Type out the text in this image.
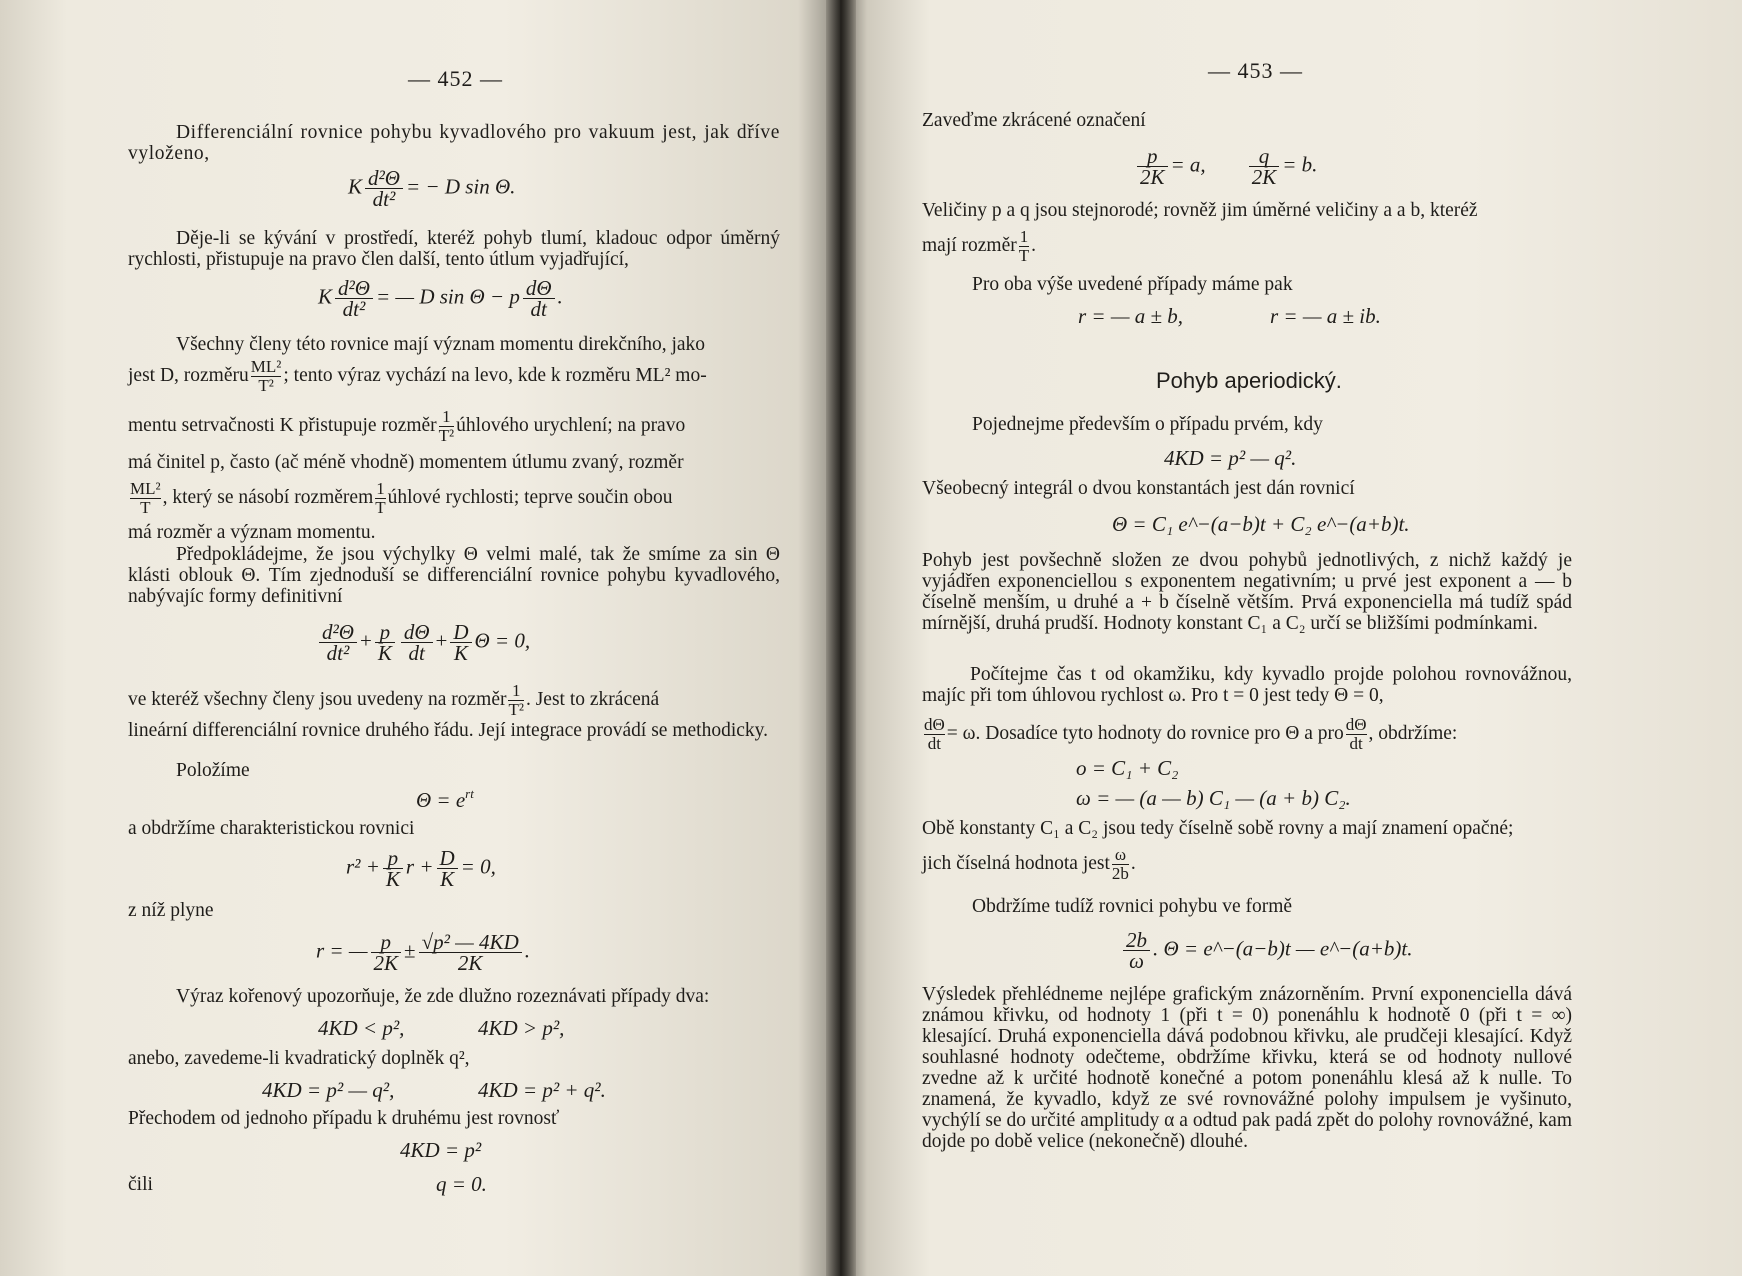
— 452 —
Differenciální rovnice pohybu kyvadlového pro vakuum jest, jak dříve vyloženo,
K $\frac{\text{d²Θ}}{\text{dt²}}$ = − D sin Θ.
Děje-li se kývání v prostředí, kteréž pohyb tlumí, kladouc odpor úměrný rychlosti, přistupuje na pravo člen další, tento útlum vyjadřující,
K $\frac{\text{d²Θ}}{\text{dt²}}$ = — D sin Θ − p $\frac{d\Theta}{dt}$ .
Všechny členy této rovnice mají význam momentu direkčního, jako
jest D, rozměru $\frac{\text{ML²}}{\text{T²}}$ ; tento výraz vychází na levo, kde k rozměru ML² mo-
mentu setrvačnosti K přistupuje rozměr $\frac{1}{\text{T²}}$ úhlového urychlení; na pravo
má činitel p, často (ač méně vhodně) momentem útlumu zvaný, rozměr
$\frac{\text{ML²}}{T}$ , který se násobí rozměrem $\frac{1}{T}$ úhlové rychlosti; teprve součin obou
má rozměr a význam momentu.
Předpokládejme, že jsou výchylky Θ velmi malé, tak že smíme za sin Θ klásti oblouk Θ. Tím zjednoduší se differenciální rovnice pohybu kyvadlového, nabývajíc formy definitivní
$\frac{\text{d²Θ}}{\text{dt²}} + \frac{p}{K} \frac{d\Theta}{dt} + \frac{D}{K}$ Θ = 0,
ve kteréž všechny členy jsou uvedeny na rozměr $\frac{1}{\text{T²}}$ . Jest to zkrácená
lineární differenciální rovnice druhého řádu. Její integrace provádí se methodicky.
Položíme
$\Theta = e^{rt}$
a obdržíme charakteristickou rovnici
$r^2 + \frac{p}{K}$ $r + \frac{D}{K} = 0$,
z níž plyne
r = — $\frac{p}{2K} \pm \frac{\text{√p² — 4KD}}{2K}$ .
Výraz kořenový upozorňuje, že zde dlužno rozeznávati případy dva:
4KD < p²,	4KD > p²,
anebo, zavedeme-li kvadratický doplněk q²,
4KD = p² — q²,	4KD = p² + q².
Přechodem od jednoho případu k druhému jest rovnosť
4KD = p²
čili	q = 0.
— 453 —
Zaveďme zkrácené označení
$\frac{p}{2K} = a$, $\frac{q}{2K} = b$.
Veličiny p a q jsou stejnorodé; rovněž jim úměrné veličiny a a b, kteréž
mají rozměr $\frac{1}{T}$ .
Pro oba výše uvedené případy máme pak
r = — a ± b,	r = — a ± ib.
Pohyb aperiodický.
Pojednejme především o případu prvém, kdy
4KD = p² — q².
Všeobecný integrál o dvou konstantách jest dán rovnicí
Θ = C₁ e^−(a−b)t + C₂ e^−(a+b)t.
Pohyb jest povšechně složen ze dvou pohybů jednotlivých, z nichž každý je vyjádřen exponenciellou s exponentem negativním; u prvé jest exponent a — b číselně menším, u druhé a + b číselně větším. Prvá exponenciella má tudíž spád mírnější, druhá prudší. Hodnoty konstant C₁ a C₂ určí se bližšími podmínkami.
Počítejme čas t od okamžiku, kdy kyvadlo projde polohou rovnovážnou, majíc při tom úhlovou rychlost ω. Pro t = 0 jest tedy Θ = 0,
$\frac{d\Theta}{dt} = \omega$. Dosadíce tyto hodnoty do rovnice pro Θ a pro $\frac{d\Theta}{dt}$ , obdržíme:
o = C₁ + C₂
ω = — (a — b) C₁ — (a + b) C₂.
Obě konstanty C₁ a C₂ jsou tedy číselně sobě rovny a mají znamení opačné;
jich číselná hodnota jest $\frac{\omega}{2b}$ .
Obdržíme tudíž rovnici pohybu ve formě
$\frac{2b}{\omega}$ . Θ = e^−(a−b)t — e^−(a+b)t.
Výsledek přehlédneme nejlépe grafickým znázorněním. První exponenciella dává známou křivku, od hodnoty 1 (při t = 0) ponenáhlu k hodnotě 0 (při t = ∞) klesající. Druhá exponenciella dává podobnou křivku, ale prudčeji klesající. Když souhlasné hodnoty odečteme, obdržíme křivku, která se od hodnoty nullové zvedne až k určité hodnotě konečné a potom ponenáhlu klesá až k nulle. To znamená, že kyvadlo, když ze své rovnovážné polohy impulsem je vyšinuto, vychýlí se do určité amplitudy α a odtud pak padá zpět do polohy rovnovážné, kam dojde po době velice (nekonečně) dlouhé.
